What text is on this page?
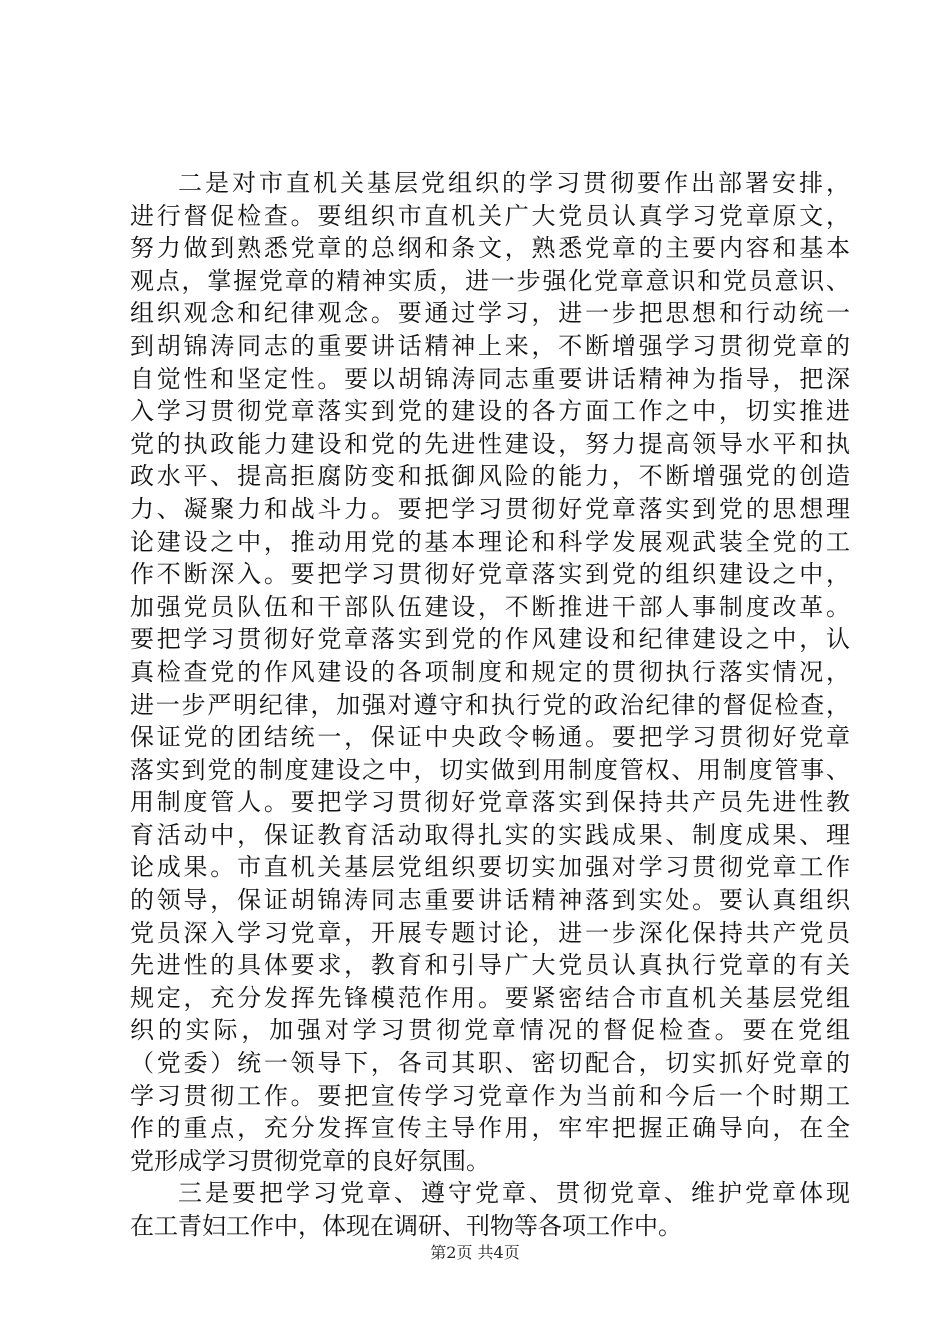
二是对市直机关基层党组织的学习贯彻要作出部署安排，
进行督促检查。要组织市直机关广大党员认真学习党章原文，
努力做到熟悉党章的总纲和条文，熟悉党章的主要内容和基本
观点，掌握党章的精神实质，进一步强化党章意识和党员意识、
组织观念和纪律观念。要通过学习，进一步把思想和行动统一
到胡锦涛同志的重要讲话精神上来，不断增强学习贯彻党章的
自觉性和坚定性。要以胡锦涛同志重要讲话精神为指导，把深
入学习贯彻党章落实到党的建设的各方面工作之中，切实推进
党的执政能力建设和党的先进性建设，努力提高领导水平和执
政水平、提高拒腐防变和抵御风险的能力，不断增强党的创造
力、凝聚力和战斗力。要把学习贯彻好党章落实到党的思想理
论建设之中，推动用党的基本理论和科学发展观武装全党的工
作不断深入。要把学习贯彻好党章落实到党的组织建设之中，
加强党员队伍和干部队伍建设，不断推进干部人事制度改革。
要把学习贯彻好党章落实到党的作风建设和纪律建设之中，认
真检查党的作风建设的各项制度和规定的贯彻执行落实情况，
进一步严明纪律，加强对遵守和执行党的政治纪律的督促检查，
保证党的团结统一，保证中央政令畅通。要把学习贯彻好党章
落实到党的制度建设之中，切实做到用制度管权、用制度管事、
用制度管人。要把学习贯彻好党章落实到保持共产员先进性教
育活动中，保证教育活动取得扎实的实践成果、制度成果、理
论成果。市直机关基层党组织要切实加强对学习贯彻党章工作
的领导，保证胡锦涛同志重要讲话精神落到实处。要认真组织
党员深入学习党章，开展专题讨论，进一步深化保持共产党员
先进性的具体要求，教育和引导广大党员认真执行党章的有关
规定，充分发挥先锋模范作用。要紧密结合市直机关基层党组
织的实际，加强对学习贯彻党章情况的督促检查。要在党组
（党委）统一领导下，各司其职、密切配合，切实抓好党章的
学习贯彻工作。要把宣传学习党章作为当前和今后一个时期工
作的重点，充分发挥宣传主导作用，牢牢把握正确导向，在全
党形成学习贯彻党章的良好氛围。
三是要把学习党章、遵守党章、贯彻党章、维护党章体现
在工青妇工作中，体现在调研、刊物等各项工作中。
第2页 共4页
